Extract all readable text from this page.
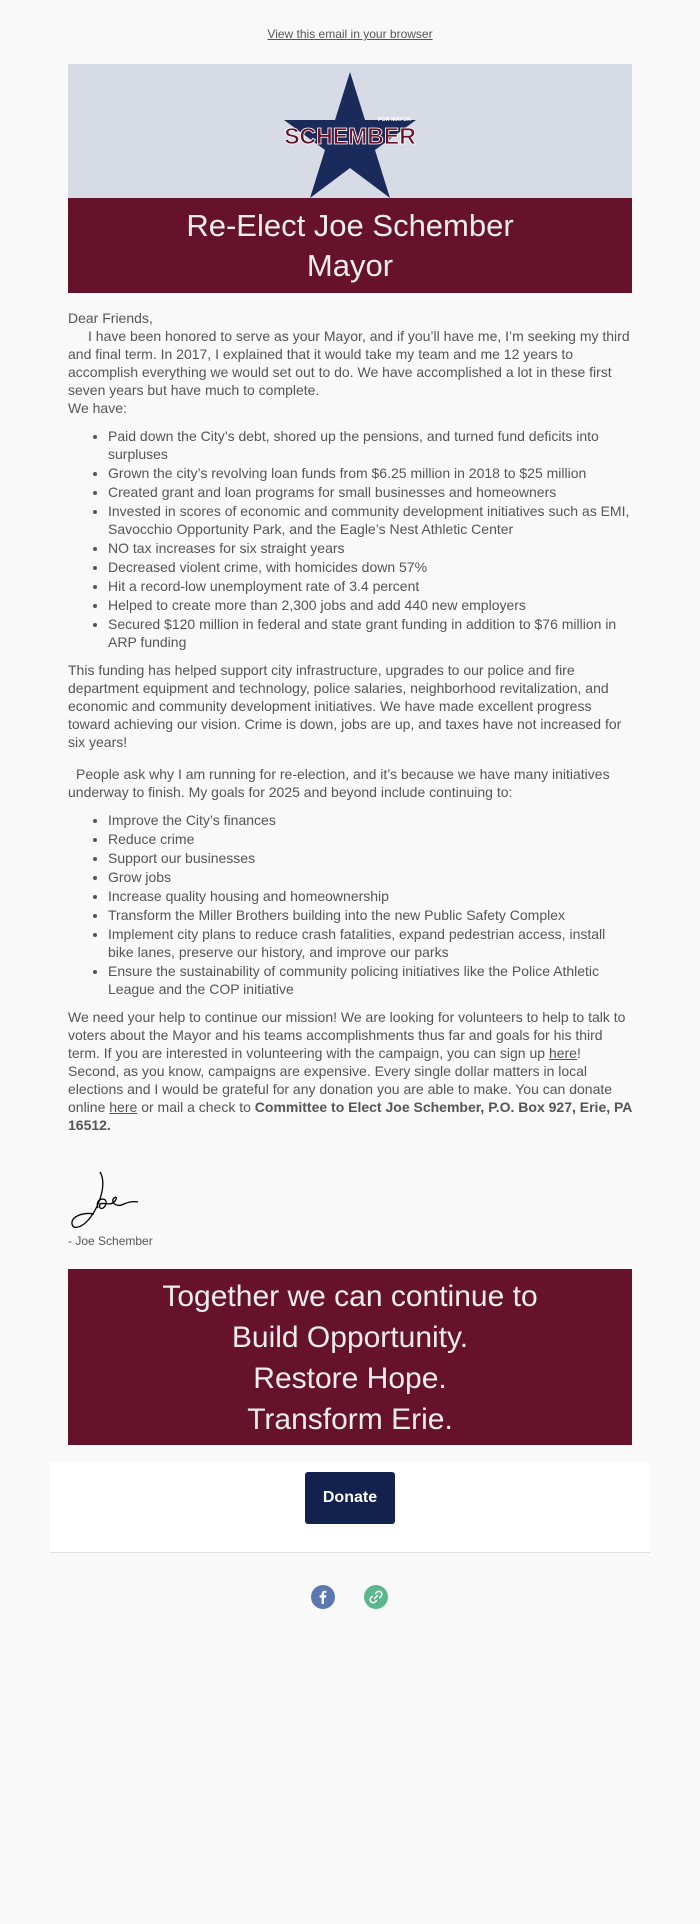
View this email in your browser
FOR MAYOR
SCHEMBER
Re-Elect Joe Schember
Mayor

Dear Friends,

I have been honored to serve as your Mayor, and if you’ll have me, I’m seeking my third and final term. In 2017, I explained that it would take my team and me 12 years to accomplish everything we would set out to do. We have accomplished a lot in these first seven years but have much to complete.

We have:

• Paid down the City’s debt, shored up the pensions, and turned fund deficits into surpluses
• Grown the city’s revolving loan funds from $6.25 million in 2018 to $25 million
• Created grant and loan programs for small businesses and homeowners
• Invested in scores of economic and community development initiatives such as EMI, Savocchio Opportunity Park, and the Eagle’s Nest Athletic Center
• NO tax increases for six straight years
• Decreased violent crime, with homicides down 57%
• Hit a record-low unemployment rate of 3.4 percent
• Helped to create more than 2,300 jobs and add 440 new employers
• Secured $120 million in federal and state grant funding in addition to $76 million in ARP funding

This funding has helped support city infrastructure, upgrades to our police and fire department equipment and technology, police salaries, neighborhood revitalization, and economic and community development initiatives. We have made excellent progress toward achieving our vision. Crime is down, jobs are up, and taxes have not increased for six years!

People ask why I am running for re-election, and it’s because we have many initiatives underway to finish. My goals for 2025 and beyond include continuing to:

• Improve the City’s finances
• Reduce crime
• Support our businesses
• Grow jobs
• Increase quality housing and homeownership
• Transform the Miller Brothers building into the new Public Safety Complex
• Implement city plans to reduce crash fatalities, expand pedestrian access, install bike lanes, preserve our history, and improve our parks
• Ensure the sustainability of community policing initiatives like the Police Athletic League and the COP initiative

We need your help to continue our mission! We are looking for volunteers to help to talk to voters about the Mayor and his teams accomplishments thus far and goals for his third term. If you are interested in volunteering with the campaign, you can sign up here! Second, as you know, campaigns are expensive. Every single dollar matters in local elections and I would be grateful for any donation you are able to make. You can donate online here or mail a check to Committee to Elect Joe Schember, P.O. Box 927, Erie, PA 16512.

- Joe Schember
Together we can continue to
Build Opportunity.
Restore Hope.
Transform Erie.
Donate
